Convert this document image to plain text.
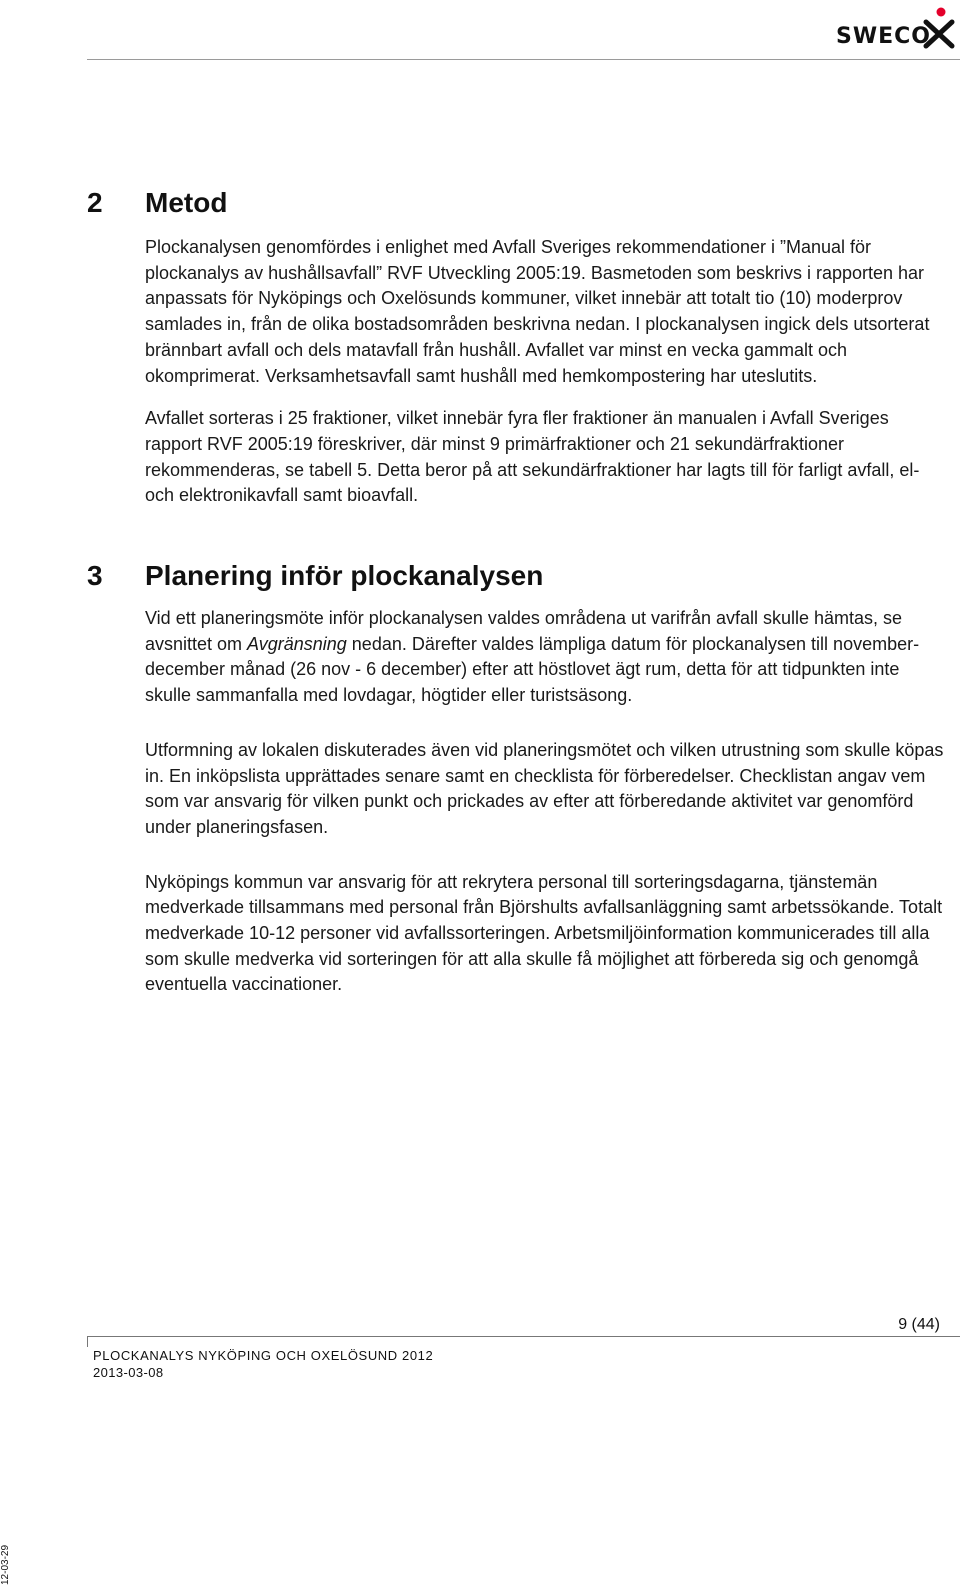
SWECO
2	Metod

Plockanalysen genomfördes i enlighet med Avfall Sveriges rekommendationer i ”Manual för plockanalys av hushållsavfall” RVF Utveckling 2005:19. Basmetoden som beskrivs i rapporten har anpassats för Nyköpings och Oxelösunds kommuner, vilket innebär att totalt tio (10) moderprov samlades in, från de olika bostadsområden beskrivna nedan. I plockanalysen ingick dels utsorterat brännbart avfall och dels matavfall från hushåll. Avfallet var minst en vecka gammalt och okomprimerat. Verksamhetsavfall samt hushåll med hemkompostering har uteslutits.

Avfallet sorteras i 25 fraktioner, vilket innebär fyra fler fraktioner än manualen i Avfall Sveriges rapport RVF 2005:19 föreskriver, där minst 9 primärfraktioner och 21 sekundärfraktioner rekommenderas, se tabell 5. Detta beror på att sekundärfraktioner har lagts till för farligt avfall, el- och elektronikavfall samt bioavfall.

3	Planering inför plockanalysen

Vid ett planeringsmöte inför plockanalysen valdes områdena ut varifrån avfall skulle hämtas, se avsnittet om Avgränsning nedan. Därefter valdes lämpliga datum för plockanalysen till november-december månad (26 nov - 6 december) efter att höstlovet ägt rum, detta för att tidpunkten inte skulle sammanfalla med lovdagar, högtider eller turistsäsong.

Utformning av lokalen diskuterades även vid planeringsmötet och vilken utrustning som skulle köpas in. En inköpslista upprättades senare samt en checklista för förberedelser. Checklistan angav vem som var ansvarig för vilken punkt och prickades av efter att förberedande aktivitet var genomförd under planeringsfasen.

Nyköpings kommun var ansvarig för att rekrytera personal till sorteringsdagarna, tjänstemän medverkade tillsammans med personal från Björshults avfallsanläggning samt arbetssökande. Totalt medverkade 10-12 personer vid avfallssorteringen. Arbetsmiljöinformation kommunicerades till alla som skulle medverka vid sorteringen för att alla skulle få möjlighet att förbereda sig och genomgå eventuella vaccinationer.

9 (44)
PLOCKANALYS NYKÖPING OCH OXELÖSUND 2012
2013-03-08
12-03-29
